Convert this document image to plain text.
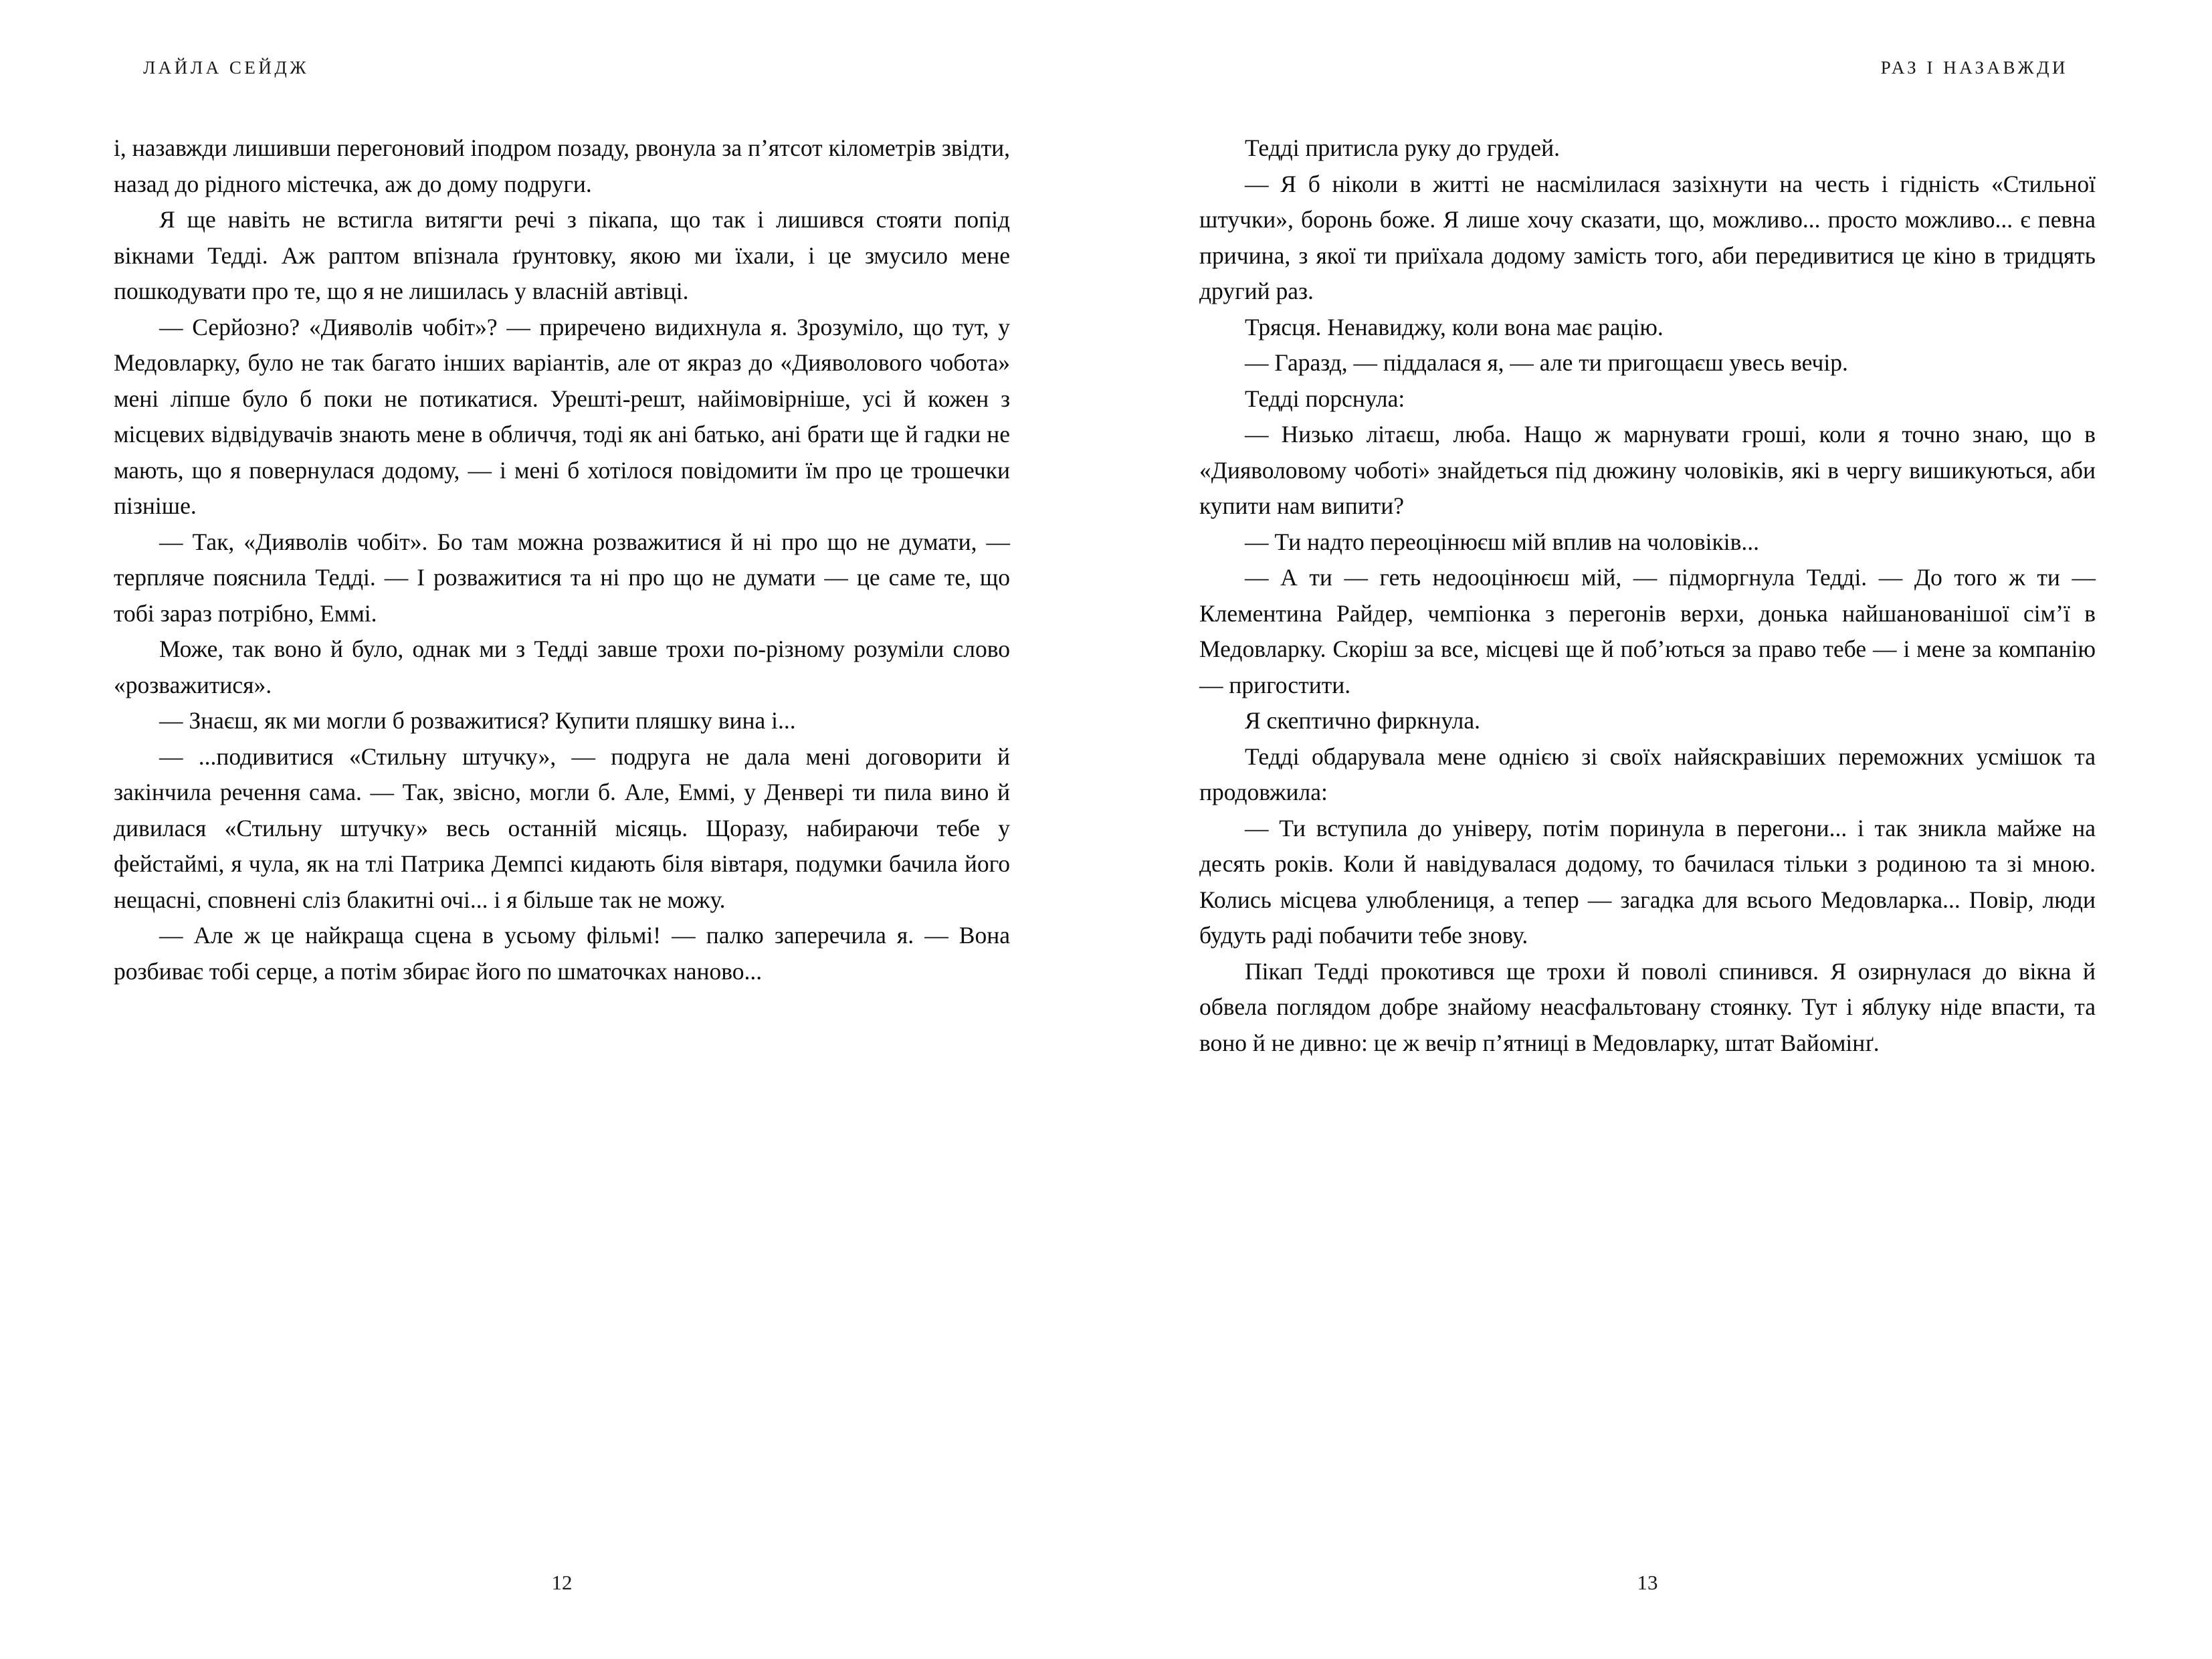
ЛАЙЛА СЕЙДЖ

і, назавжди лишивши перегоновий іподром позаду, рвонула за п’ятсот кілометрів звідти, назад до рідного містечка, аж до дому подруги.

Я ще навіть не встигла витягти речі з пікапа, що так і лишився стояти попід вікнами Тедді. Аж раптом впізнала ґрунтовку, якою ми їхали, і це змусило мене пошкодувати про те, що я не лишилась у власній автівці.

— Серйозно? «Дияволів чобіт»? — приречено видихнула я. Зрозуміло, що тут, у Медовларку, було не так багато інших варіантів, але от якраз до «Дияволового чобота» мені ліпше було б поки не потикатися. Урешті-решт, найімовірніше, усі й кожен з місцевих відвідувачів знають мене в обличчя, тоді як ані батько, ані брати ще й гадки не мають, що я повернулася додому, — і мені б хотілося повідомити їм про це трошечки пізніше.

— Так, «Дияволів чобіт». Бо там можна розважитися й ні про що не думати, — терпляче пояснила Тедді. — І розважитися та ні про що не думати — це саме те, що тобі зараз потрібно, Еммі.

Може, так воно й було, однак ми з Тедді завше трохи по-різному розуміли слово «розважитися».

— Знаєш, як ми могли б розважитися? Купити пляшку вина і...

— ...подивитися «Стильну штучку», — подруга не дала мені договорити й закінчила речення сама. — Так, звісно, могли б. Але, Еммі, у Денвері ти пила вино й дивилася «Стильну штучку» весь останній місяць. Щоразу, набираючи тебе у фейстаймі, я чула, як на тлі Патрика Демпсі кидають біля вівтаря, подумки бачила його нещасні, сповнені сліз блакитні очі... і я більше так не можу.

— Але ж це найкраща сцена в усьому фільмі! — палко заперечила я. — Вона розбиває тобі серце, а потім збирає його по шматочках наново...

12
РАЗ І НАЗАВЖДИ

Тедді притисла руку до грудей.

— Я б ніколи в житті не насмілилася зазіхнути на честь і гідність «Стильної штучки», боронь боже. Я лише хочу сказати, що, можливо... просто можливо... є певна причина, з якої ти приїхала додому замість того, аби передивитися це кіно в тридцять другий раз.

Трясця. Ненавиджу, коли вона має рацію.

— Гаразд, — піддалася я, — але ти пригощаєш увесь вечір.

Тедді порснула:

— Низько літаєш, люба. Нащо ж марнувати гроші, коли я точно знаю, що в «Дияволовому чоботі» знайдеться під дюжину чоловіків, які в чергу вишикуються, аби купити нам випити?

— Ти надто переоцінюєш мій вплив на чоловіків...

— А ти — геть недооцінюєш мій, — підморгнула Тедді. — До того ж ти — Клементина Райдер, чемпіонка з перегонів верхи, донька найшанованішої сім’ї в Медовларку. Скоріш за все, місцеві ще й поб’ються за право тебе — і мене за компанію — пригостити.

Я скептично фиркнула.

Тедді обдарувала мене однією зі своїх найяскравіших переможних усмішок та продовжила:

— Ти вступила до універу, потім поринула в перегони... і так зникла майже на десять років. Коли й навідувалася додому, то бачилася тільки з родиною та зі мною. Колись місцева улюблениця, а тепер — загадка для всього Медовларка... Повір, люди будуть раді побачити тебе знову.

Пікап Тедді прокотився ще трохи й поволі спинився. Я озирнулася до вікна й обвела поглядом добре знайому неасфальтовану стоянку. Тут і яблуку ніде впасти, та воно й не дивно: це ж вечір п’ятниці в Медовларку, штат Вайомінґ.

13
